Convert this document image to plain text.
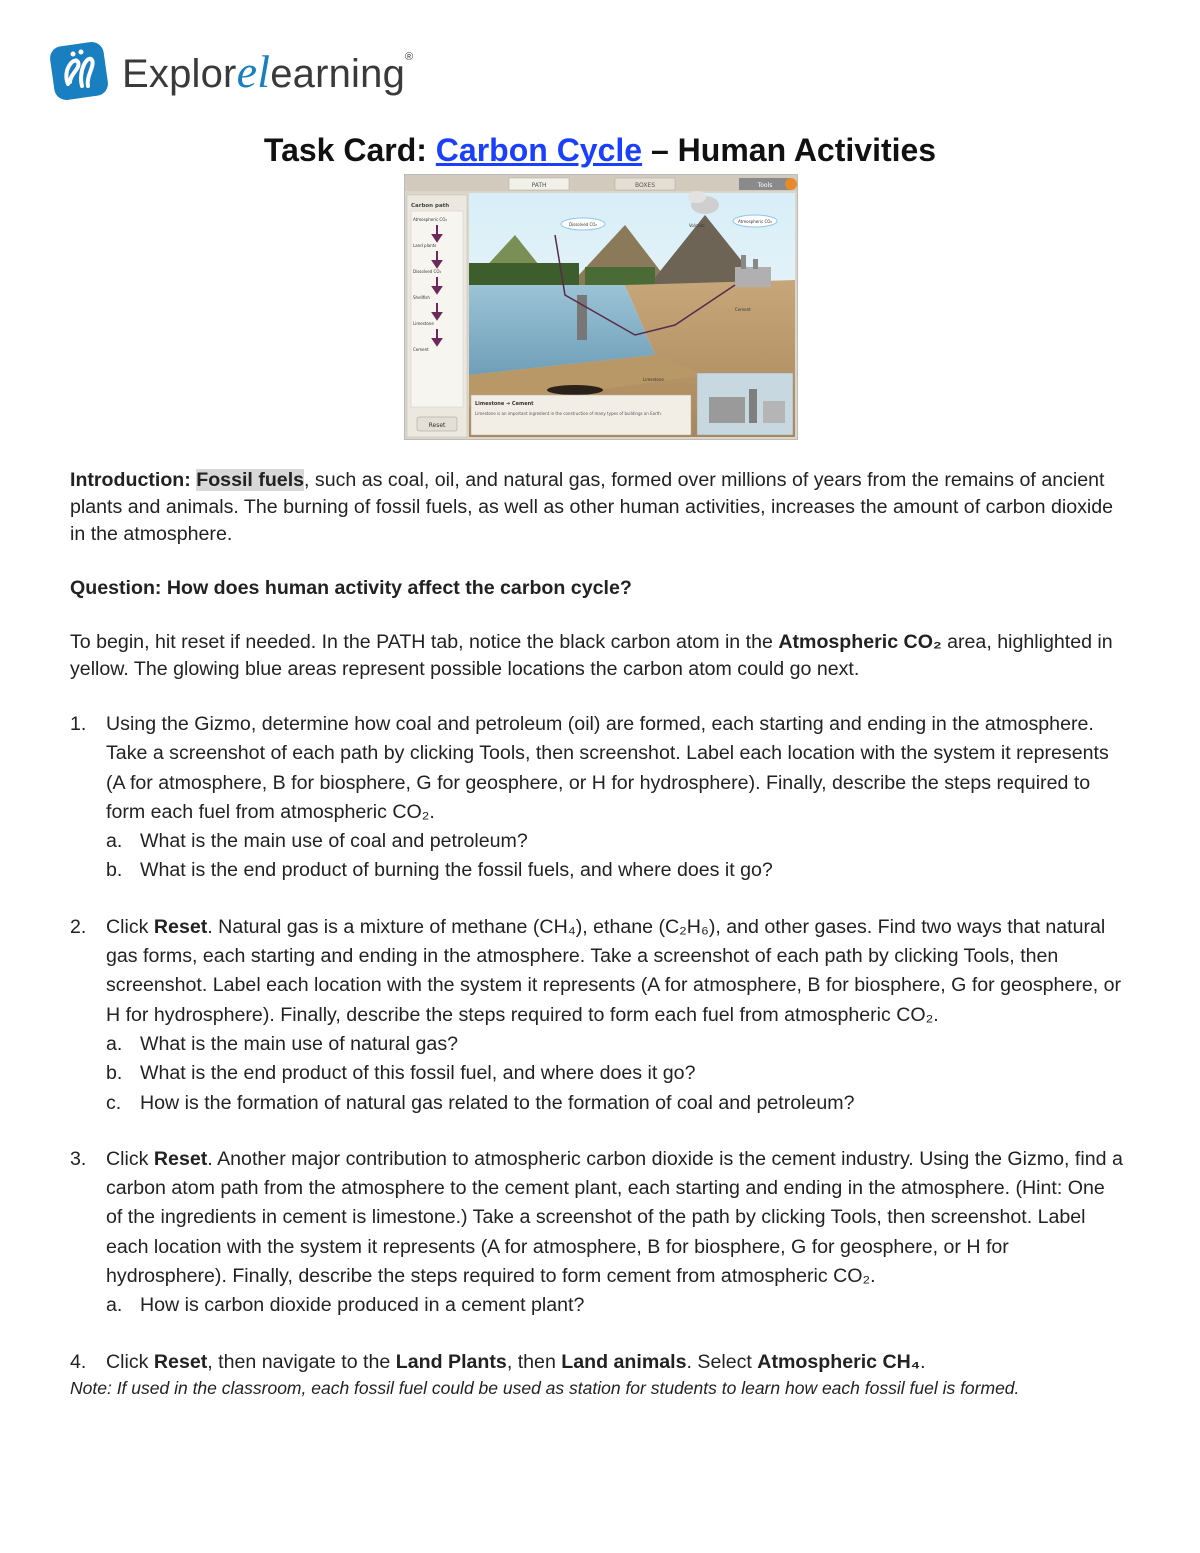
Explorelearning®
Task Card: Carbon Cycle – Human Activities
PATH	BOXES	Tools
Carbon path
Atmospheric CO₂
Land plants
Dissolved CO₂
Shellfish
Limestone
Cement
Reset
Dissolved CO₂
Atmospheric CO₂
Volcano
Limestone
Cement
Limestone ➜ Cement
Limestone is an important ingredient in the construction of many types of buildings on Earth.

Introduction: Fossil fuels, such as coal, oil, and natural gas, formed over millions of years from the remains of ancient plants and animals. The burning of fossil fuels, as well as other human activities, increases the amount of carbon dioxide in the atmosphere.

Question: How does human activity affect the carbon cycle?

To begin, hit reset if needed. In the PATH tab, notice the black carbon atom in the Atmospheric CO₂ area, highlighted in yellow. The glowing blue areas represent possible locations the carbon atom could go next.

1. Using the Gizmo, determine how coal and petroleum (oil) are formed, each starting and ending in the atmosphere. Take a screenshot of each path by clicking Tools, then screenshot. Label each location with the system it represents (A for atmosphere, B for biosphere, G for geosphere, or H for hydrosphere). Finally, describe the steps required to form each fuel from atmospheric CO₂.
a. What is the main use of coal and petroleum?
b. What is the end product of burning the fossil fuels, and where does it go?
2. Click Reset. Natural gas is a mixture of methane (CH₄), ethane (C₂H₆), and other gases. Find two ways that natural gas forms, each starting and ending in the atmosphere. Take a screenshot of each path by clicking Tools, then screenshot. Label each location with the system it represents (A for atmosphere, B for biosphere, G for geosphere, or H for hydrosphere). Finally, describe the steps required to form each fuel from atmospheric CO₂.
a. What is the main use of natural gas?
b. What is the end product of this fossil fuel, and where does it go?
c. How is the formation of natural gas related to the formation of coal and petroleum?
3. Click Reset. Another major contribution to atmospheric carbon dioxide is the cement industry. Using the Gizmo, find a carbon atom path from the atmosphere to the cement plant, each starting and ending in the atmosphere. (Hint: One of the ingredients in cement is limestone.) Take a screenshot of the path by clicking Tools, then screenshot. Label each location with the system it represents (A for atmosphere, B for biosphere, G for geosphere, or H for hydrosphere). Finally, describe the steps required to form cement from atmospheric CO₂.
a. How is carbon dioxide produced in a cement plant?
4. Click Reset, then navigate to the Land Plants, then Land animals. Select Atmospheric CH₄.

Note: If used in the classroom, each fossil fuel could be used as station for students to learn how each fossil fuel is formed.
